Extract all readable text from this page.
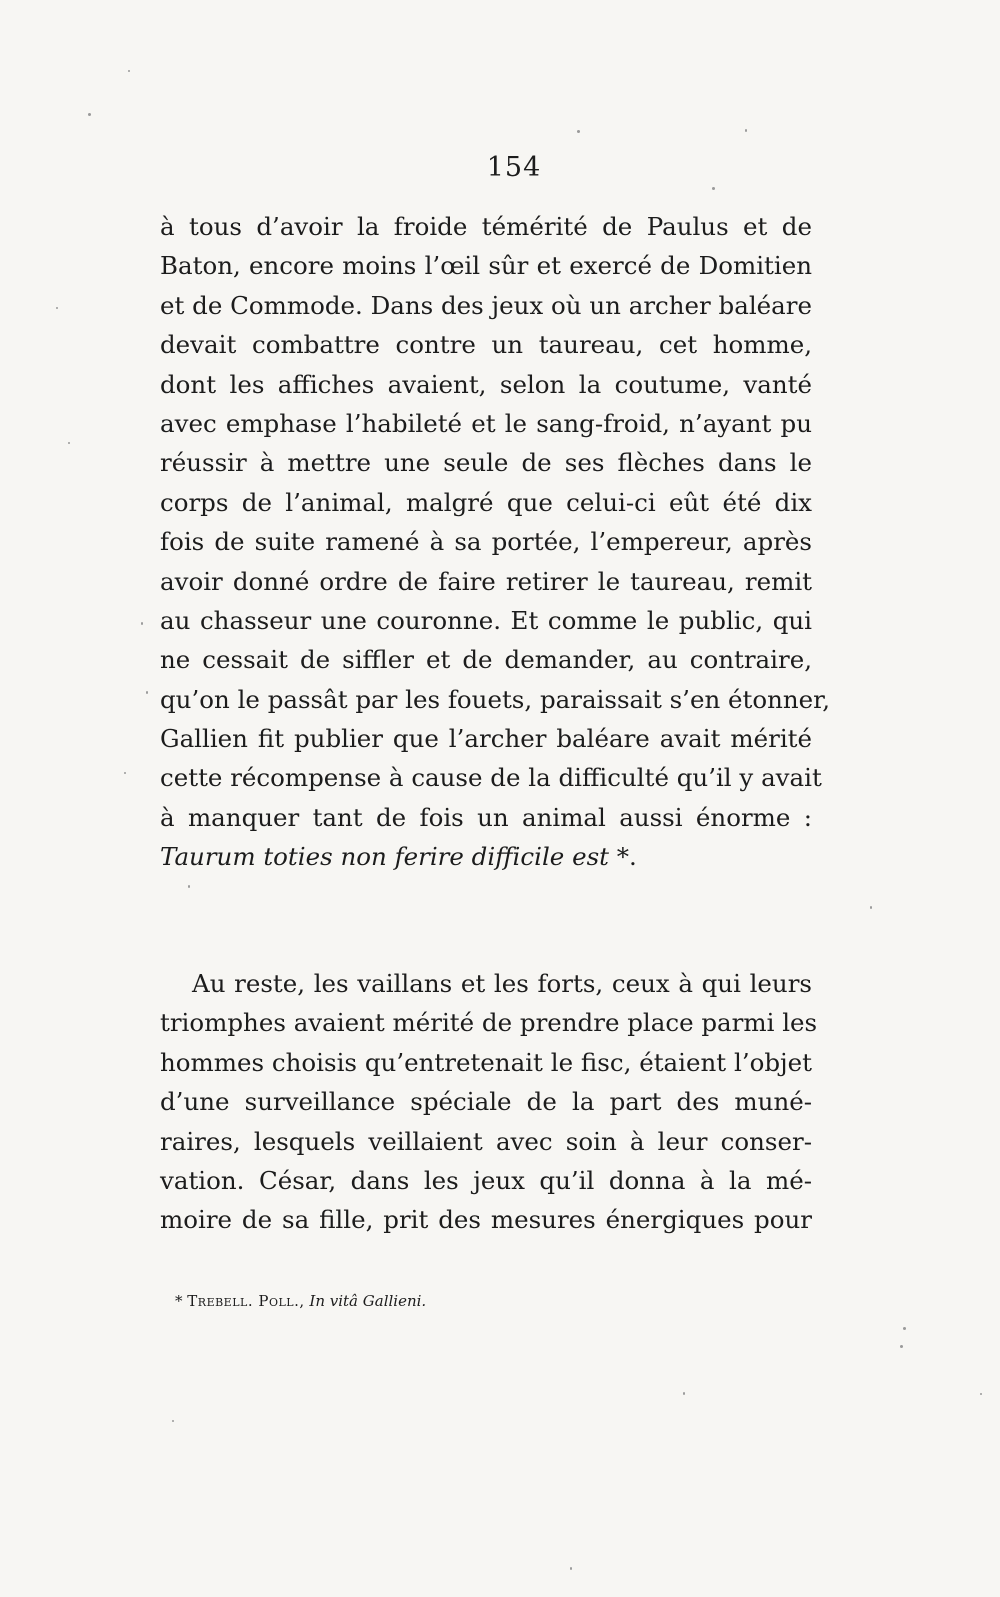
154
à tous d’avoir la froide témérité de Paulus et de
Baton, encore moins l’œil sûr et exercé de Domitien
et de Commode. Dans des jeux où un archer baléare
devait combattre contre un taureau, cet homme,
dont les affiches avaient, selon la coutume, vanté
avec emphase l’habileté et le sang-froid, n’ayant pu
réussir à mettre une seule de ses flèches dans le
corps de l’animal, malgré que celui-ci eût été dix
fois de suite ramené à sa portée, l’empereur, après
avoir donné ordre de faire retirer le taureau, remit
au chasseur une couronne. Et comme le public, qui
ne cessait de siffler et de demander, au contraire,
qu’on le passât par les fouets, paraissait s’en étonner,
Gallien fit publier que l’archer baléare avait mérité
cette récompense à cause de la difficulté qu’il y avait
à manquer tant de fois un animal aussi énorme :
Taurum toties non ferire difficile est *.
Au reste, les vaillans et les forts, ceux à qui leurs
triomphes avaient mérité de prendre place parmi les
hommes choisis qu’entretenait le fisc, étaient l’objet
d’une surveillance spéciale de la part des muné-
raires, lesquels veillaient avec soin à leur conser-
vation. César, dans les jeux qu’il donna à la mé-
moire de sa fille, prit des mesures énergiques pour
* Trebell. Poll., In vitâ Gallieni.
